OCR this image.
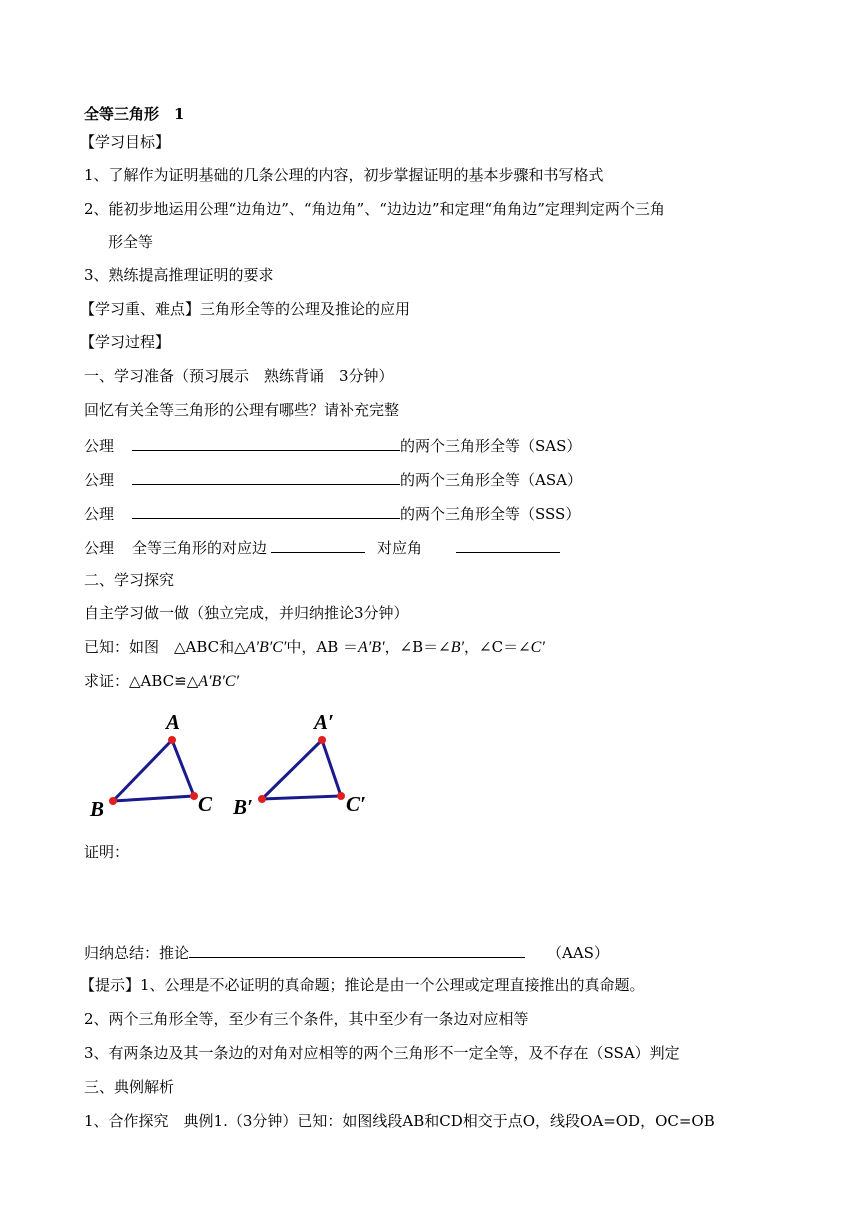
全等三角形　1
【学习目标】
1、了解作为证明基础的几条公理的内容，初步掌握证明的基本步骤和书写格式
2、能初步地运用公理“边角边”、“角边角”、“边边边”和定理“角角边”定理判定两个三角
形全等
3、熟练提高推理证明的要求
【学习重、难点】三角形全等的公理及推论的应用
【学习过程】
一、学习准备（预习展示　熟练背诵　3分钟）
回忆有关全等三角形的公理有哪些？请补充完整
公理	的两个三角形全等（SAS）
公理	的两个三角形全等（ASA）
公理	的两个三角形全等（SSS）
公理 全等三角形的对应边	对应角
二、学习探究
自主学习做一做（独立完成，并归纳推论3分钟）
已知：如图　△ABC和△A′B′C′中，AB ＝A′B′，∠B＝∠B′，∠C＝∠C′
求证：△ABC≌△A′B′C′
A
B	C
A′
B′	C′
证明：
归纳总结：推论	（AAS）
【提示】1、公理是不必证明的真命题；推论是由一个公理或定理直接推出的真命题。
2、两个三角形全等，至少有三个条件，其中至少有一条边对应相等
3、有两条边及其一条边的对角对应相等的两个三角形不一定全等，及不存在（SSA）判定
三、典例解析
1、合作探究　典例1.（3分钟）已知：如图线段AB和CD相交于点O，线段OA=OD，OC=OB
